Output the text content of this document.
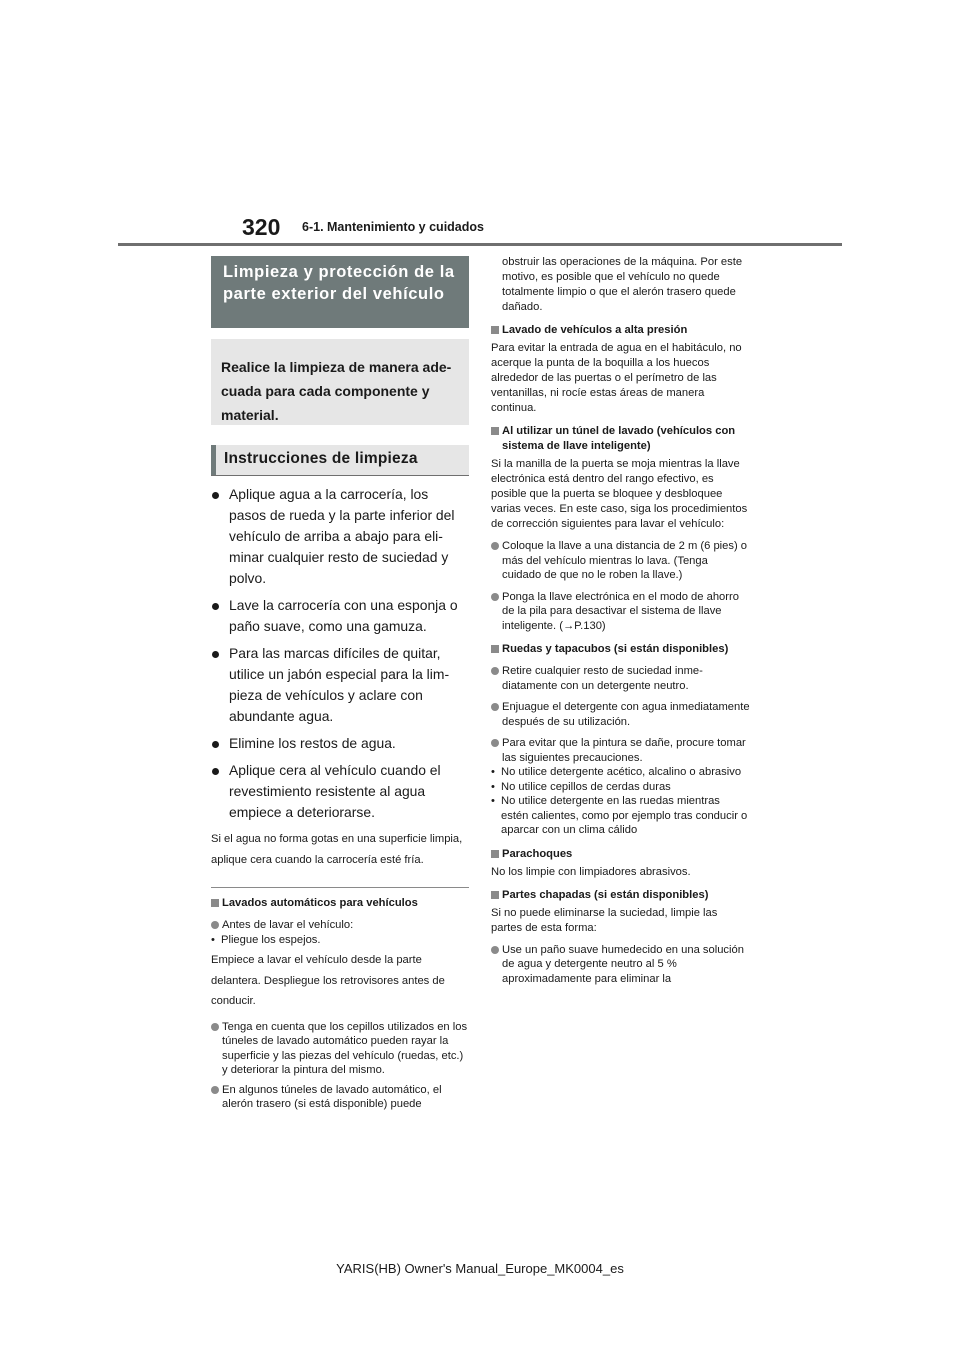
320 6-1. Mantenimiento y cuidados
Limpieza y protección de la parte exterior del vehículo
Realice la limpieza de manera adecuada para cada componente y material.
Instrucciones de limpieza
Aplique agua a la carrocería, los pasos de rueda y la parte inferior del vehículo de arriba a abajo para eliminar cualquier resto de suciedad y polvo.
Lave la carrocería con una esponja o paño suave, como una gamuza.
Para las marcas difíciles de quitar, utilice un jabón especial para la limpieza de vehículos y aclare con abundante agua.
Elimine los restos de agua.
Aplique cera al vehículo cuando el revestimiento resistente al agua empiece a deteriorarse.
Si el agua no forma gotas en una superficie limpia, aplique cera cuando la carrocería esté fría.
Lavados automáticos para vehículos
Antes de lavar el vehículo:
• Pliegue los espejos.
Empiece a lavar el vehículo desde la parte delantera. Despliegue los retrovisores antes de conducir.
Tenga en cuenta que los cepillos utilizados en los túneles de lavado automático pueden rayar la superficie y las piezas del vehículo (ruedas, etc.) y deteriorar la pintura del mismo.
En algunos túneles de lavado automático, el alerón trasero (si está disponible) puede
obstruir las operaciones de la máquina. Por este motivo, es posible que el vehículo no quede totalmente limpio o que el alerón trasero quede dañado.
Lavado de vehículos a alta presión
Para evitar la entrada de agua en el habitáculo, no acerque la punta de la boquilla a los huecos alrededor de las puertas o el perímetro de las ventanillas, ni rocíe estas áreas de manera continua.
Al utilizar un túnel de lavado (vehículos con sistema de llave inteligente)
Si la manilla de la puerta se moja mientras la llave electrónica está dentro del rango efectivo, es posible que la puerta se bloquee y desbloquee varias veces. En este caso, siga los procedimientos de corrección siguientes para lavar el vehículo:
Coloque la llave a una distancia de 2 m (6 pies) o más del vehículo mientras lo lava. (Tenga cuidado de que no le roben la llave.)
Ponga la llave electrónica en el modo de ahorro de la pila para desactivar el sistema de llave inteligente. (→P.130)
Ruedas y tapacubos (si están disponibles)
Retire cualquier resto de suciedad inmediatamente con un detergente neutro.
Enjuague el detergente con agua inmediatamente después de su utilización.
Para evitar que la pintura se dañe, procure tomar las siguientes precauciones.
• No utilice detergente acético, alcalino o abrasivo
• No utilice cepillos de cerdas duras
• No utilice detergente en las ruedas mientras estén calientes, como por ejemplo tras conducir o aparcar con un clima cálido
Parachoques
No los limpie con limpiadores abrasivos.
Partes chapadas (si están disponibles)
Si no puede eliminarse la suciedad, limpie las partes de esta forma:
Use un paño suave humedecido en una solución de agua y detergente neutro al 5 % aproximadamente para eliminar la
YARIS(HB) Owner's Manual_Europe_MK0004_es
